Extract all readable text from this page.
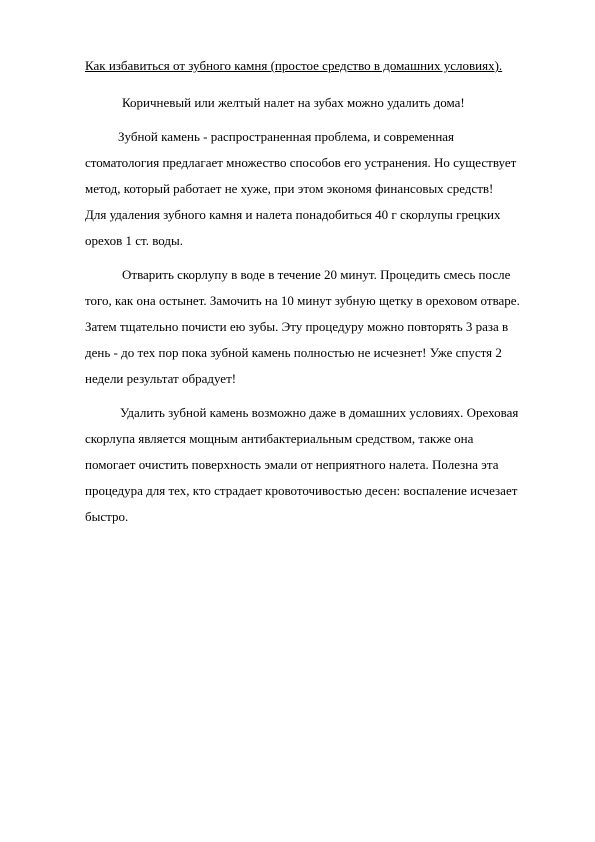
Как избавиться от зубного камня (простое средство в домашних условиях).

Коричневый или желтый налет на зубах можно удалить дома!

Зубной камень - распространенная проблема, и современная

стоматология предлагает множество способов его устранения. Но существует

метод, который работает не хуже, при этом экономя финансовых средств!

Для удаления зубного камня и налета понадобиться 40 г скорлупы грецких

орехов 1 ст. воды.

Отварить скорлупу в воде в течение 20 минут. Процедить смесь после

того, как она остынет. Замочить на 10 минут зубную щетку в ореховом отваре.

Затем тщательно почисти ею зубы. Эту процедуру можно повторять 3 раза в

день - до тех пор пока зубной камень полностью не исчезнет! Уже спустя 2

недели результат обрадует!

Удалить зубной камень возможно даже в домашних условиях. Ореховая

скорлупа является мощным антибактериальным средством, также она

помогает очистить поверхность эмали от неприятного налета. Полезна эта

процедура для тех, кто страдает кровоточивостью десен: воспаление исчезает

быстро.
